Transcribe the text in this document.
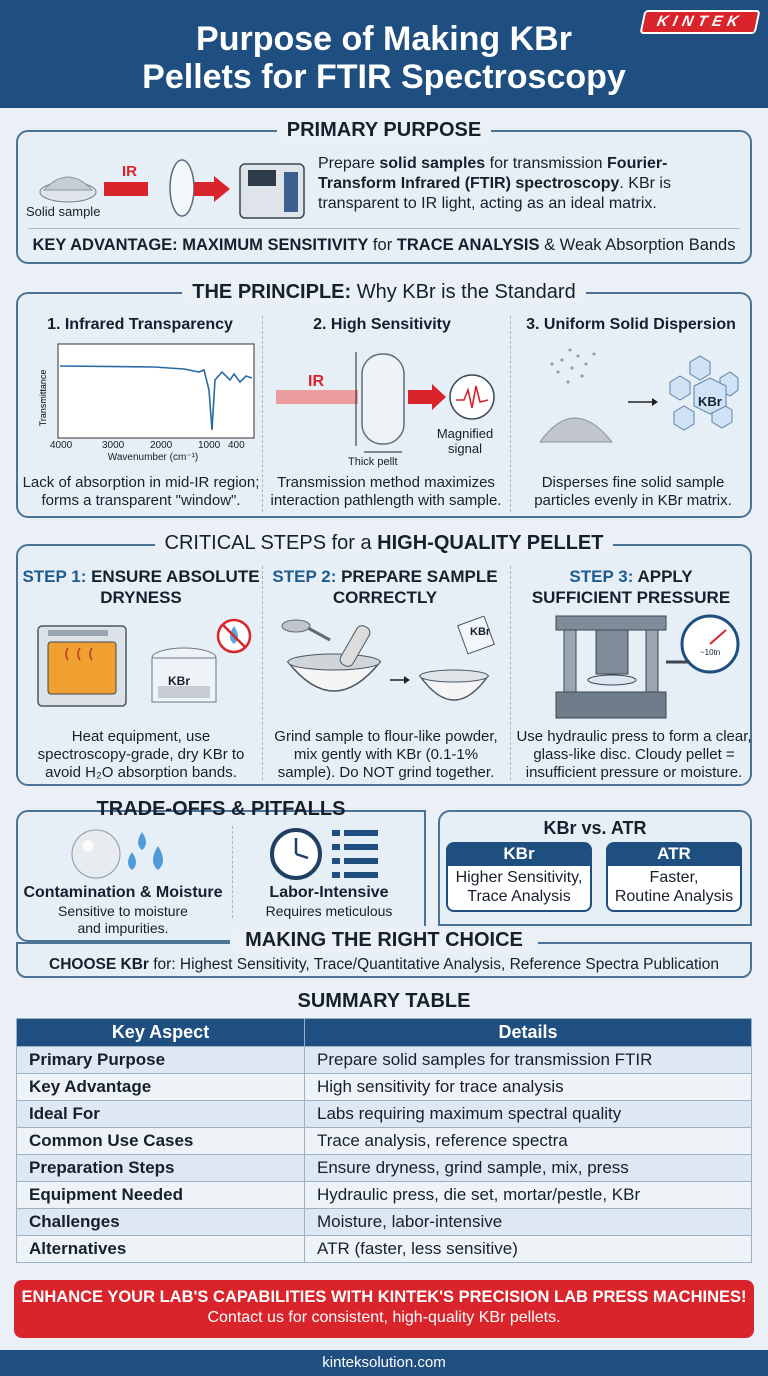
Purpose of Making KBr
Pellets for FTIR Spectroscopy
KINTEK
PRIMARY PURPOSE
IR
Solid sample
Prepare solid samples for transmission Fourier-Transform Infrared (FTIR) spectroscopy. KBr is transparent to IR light, acting as an ideal matrix.
KEY ADVANTAGE: MAXIMUM SENSITIVITY for TRACE ANALYSIS & Weak Absorption Bands
THE PRINCIPLE: Why KBr is the Standard
1. Infrared Transparency
Transmittance
4000	3000	2000	1000 400
Wavenumber (cm⁻¹)
Lack of absorption in mid-IR region; forms a transparent "window".
2. High Sensitivity
IR
Thick pellt
Magnified
signal
Transmission method maximizes interaction pathlength with sample.
3. Uniform Solid Dispersion
KBr
Disperses fine solid sample particles evenly in KBr matrix.
CRITICAL STEPS for a HIGH-QUALITY PELLET
STEP 1: ENSURE ABSOLUTE
DRYNESS
KBr
Heat equipment, use
spectroscopy-grade, dry KBr to
avoid H₂O absorption bands.
STEP 2: PREPARE SAMPLE
CORRECTLY
KBr
Grind sample to flour-like powder, mix gently with KBr (0.1-1% sample). Do NOT grind together.
STEP 3: APPLY
SUFFICIENT PRESSURE
~10tn
Use hydraulic press to form a clear, glass-like disc. Cloudy pellet = insufficient pressure or moisture.
TRADE-OFFS & PITFALLS
Contamination & Moisture
Sensitive to moisture and impurities.
Labor-Intensive
Requires meticulous
KBr vs. ATR
KBr
Higher Sensitivity,
Trace Analysis
ATR
Faster,
Routine Analysis
MAKING THE RIGHT CHOICE
CHOOSE KBr for: Highest Sensitivity, Trace/Quantitative Analysis, Reference Spectra Publication
SUMMARY TABLE
Key Aspect	Details
Primary Purpose	Prepare solid samples for transmission FTIR
Key Advantage	High sensitivity for trace analysis
Ideal For	Labs requiring maximum spectral quality
Common Use Cases	Trace analysis, reference spectra
Preparation Steps	Ensure dryness, grind sample, mix, press
Equipment Needed	Hydraulic press, die set, mortar/pestle, KBr
Challenges	Moisture, labor-intensive
Alternatives	ATR (faster, less sensitive)
ENHANCE YOUR LAB'S CAPABILITIES WITH KINTEK'S PRECISION LAB PRESS MACHINES!
Contact us for consistent, high-quality KBr pellets.
kinteksolution.com
